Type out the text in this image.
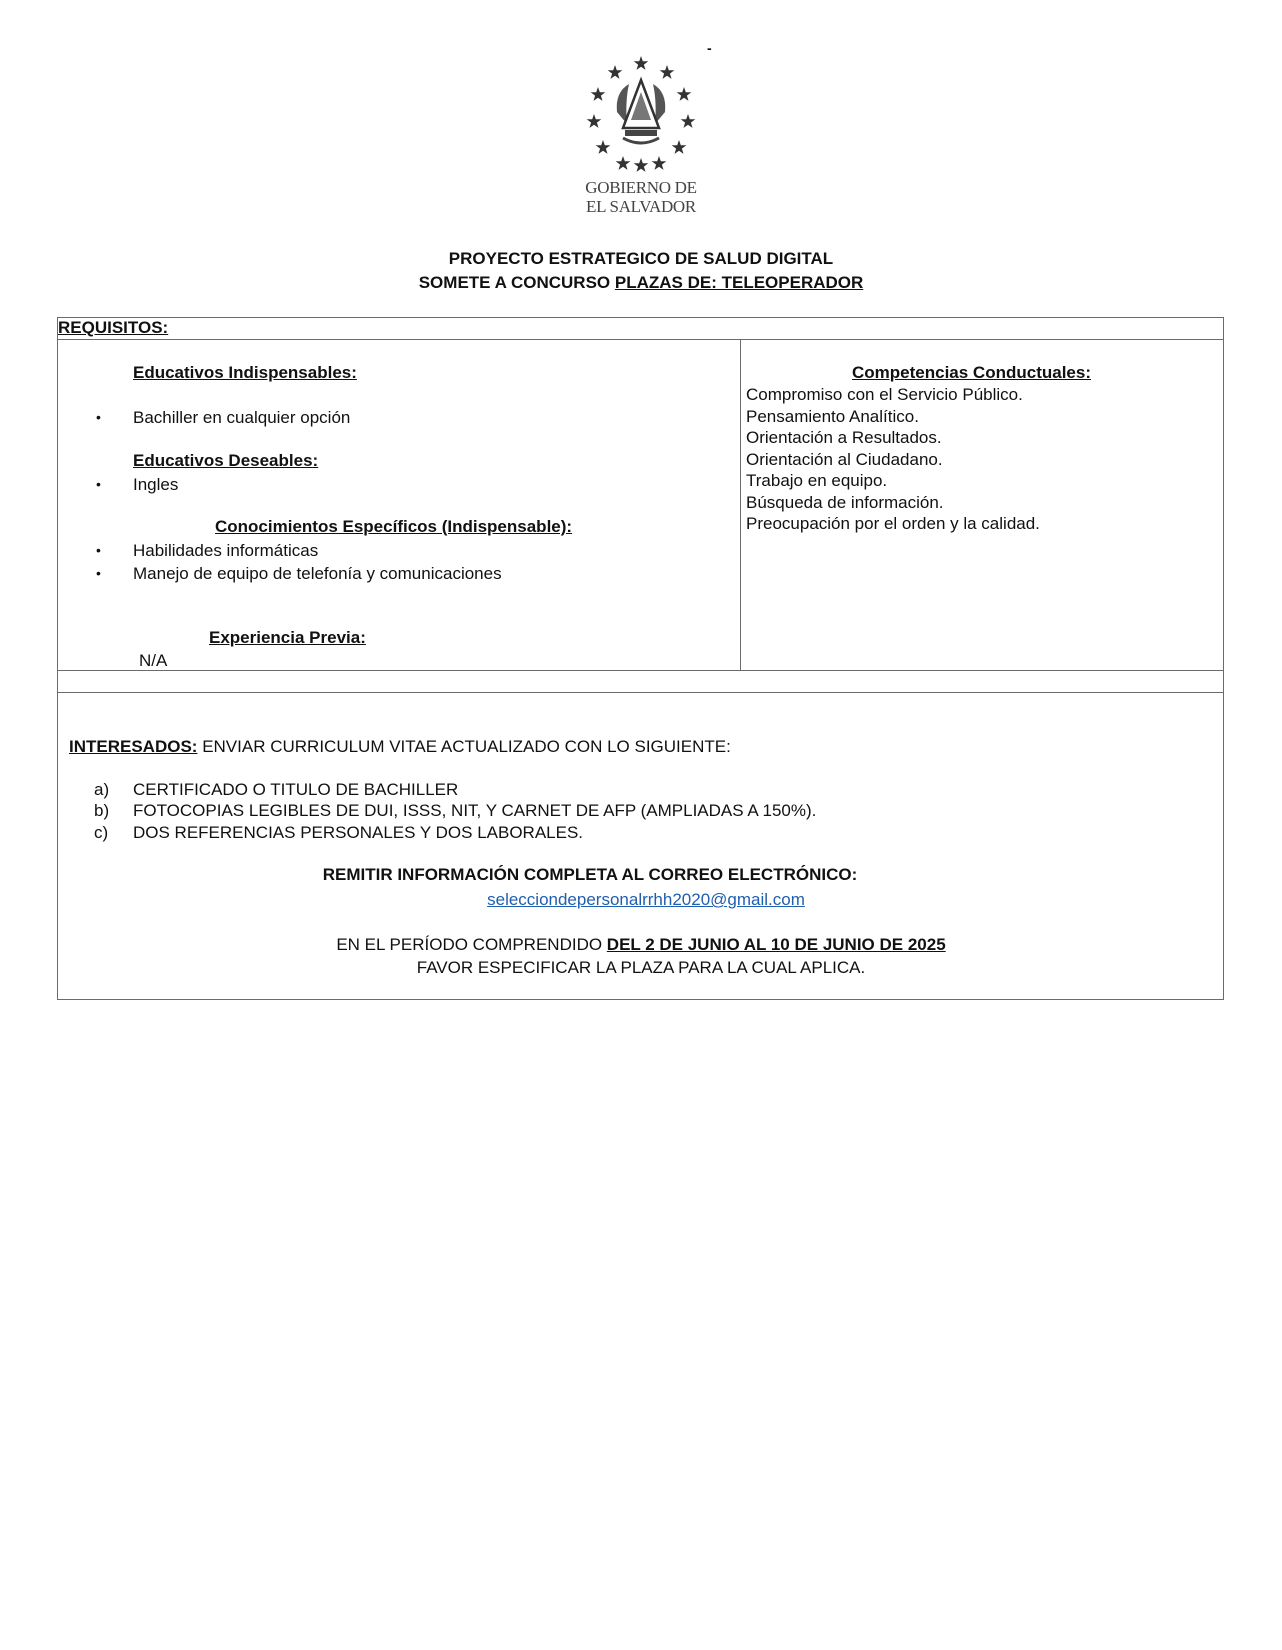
GOBIERNO DE
EL SALVADOR
-
PROYECTO ESTRATEGICO DE SALUD DIGITAL
SOMETE A CONCURSO PLAZAS DE: TELEOPERADOR
REQUISITOS:
Educativos Indispensables:
• Bachiller en cualquier opción
Educativos Deseables:
• Ingles
Conocimientos Específicos (Indispensable):
• Habilidades informáticas
• Manejo de equipo de telefonía y comunicaciones
Experiencia Previa:
N/A
Competencias Conductuales:
Compromiso con el Servicio Público.
Pensamiento Analítico.
Orientación a Resultados.
Orientación al Ciudadano.
Trabajo en equipo.
Búsqueda de información.
Preocupación por el orden y la calidad.
INTERESADOS: ENVIAR CURRICULUM VITAE ACTUALIZADO CON LO SIGUIENTE:
a) CERTIFICADO O TITULO DE BACHILLER
b) FOTOCOPIAS LEGIBLES DE DUI, ISSS, NIT, Y CARNET DE AFP (AMPLIADAS A 150%).
c) DOS REFERENCIAS PERSONALES Y DOS LABORALES.
REMITIR INFORMACIÓN COMPLETA AL CORREO ELECTRÓNICO:
selecciondepersonalrrhh2020@gmail.com
EN EL PERÍODO COMPRENDIDO DEL 2 DE JUNIO AL 10 DE JUNIO DE 2025
FAVOR ESPECIFICAR LA PLAZA PARA LA CUAL APLICA.
